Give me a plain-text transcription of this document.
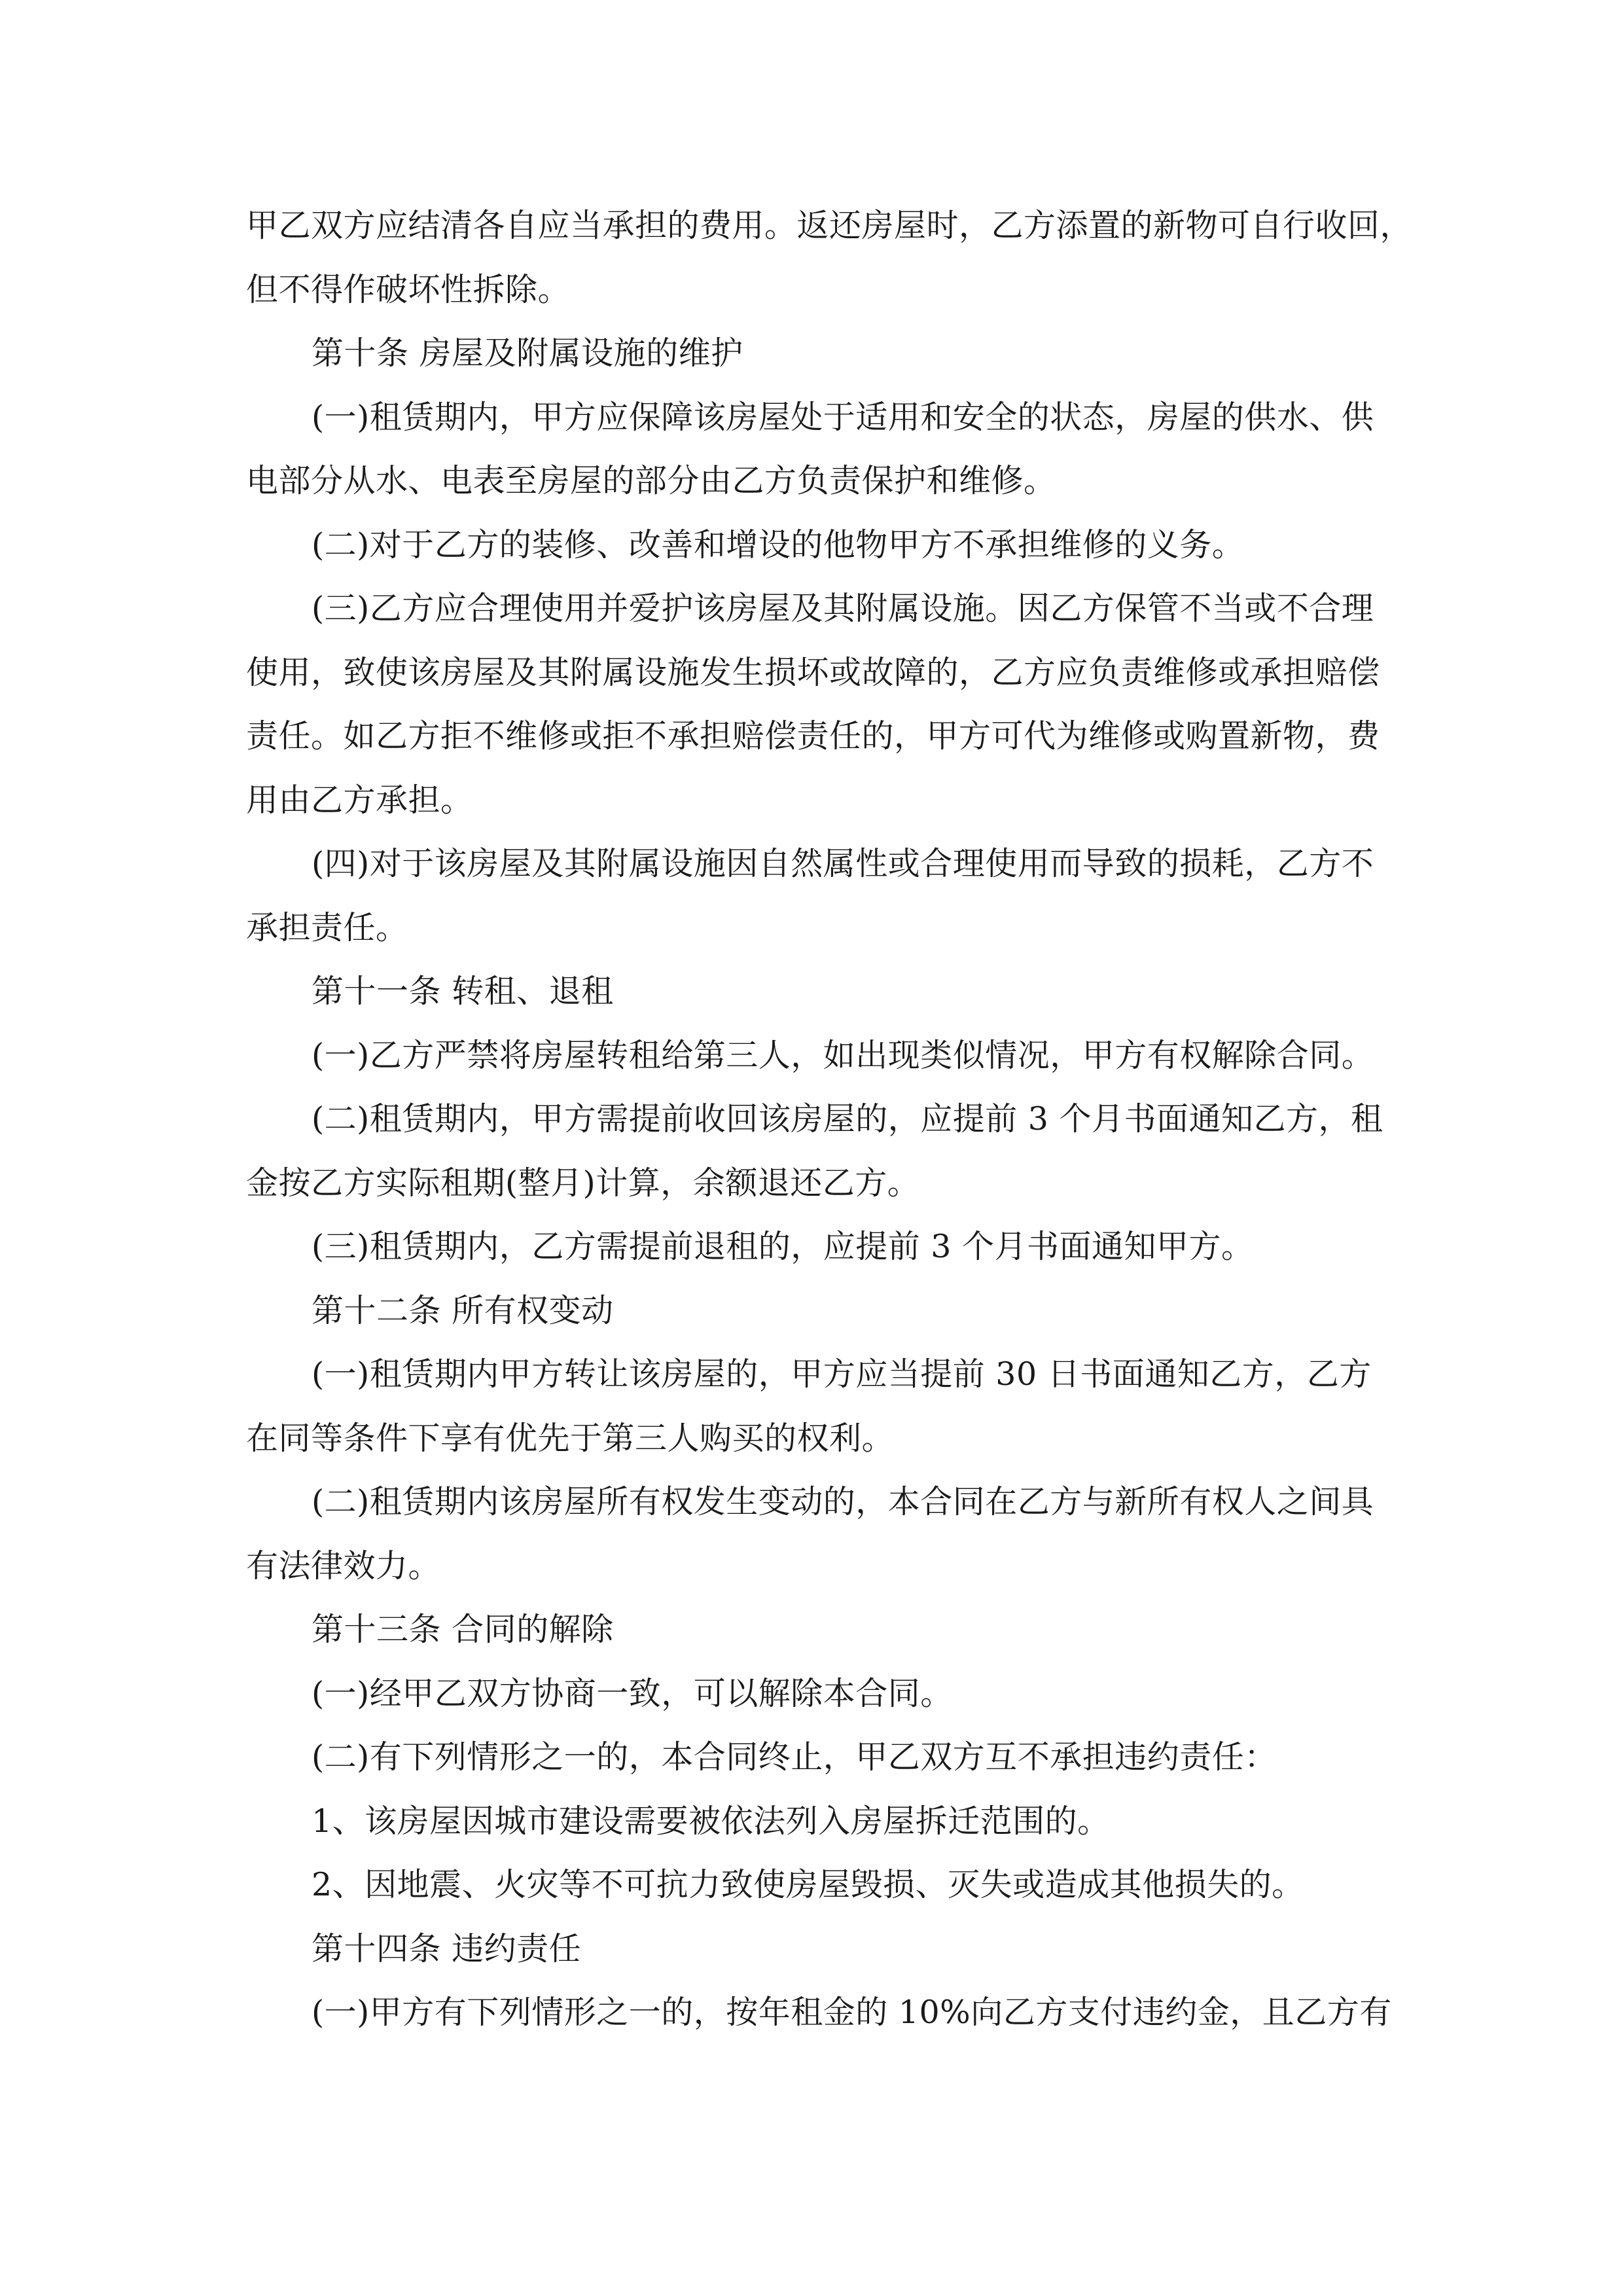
甲乙双方应结清各自应当承担的费用。返还房屋时，乙方添置的新物可自行收回，
但不得作破坏性拆除。
第十条 房屋及附属设施的维护
(一)租赁期内，甲方应保障该房屋处于适用和安全的状态，房屋的供水、供
电部分从水、电表至房屋的部分由乙方负责保护和维修。
(二)对于乙方的装修、改善和增设的他物甲方不承担维修的义务。
(三)乙方应合理使用并爱护该房屋及其附属设施。因乙方保管不当或不合理
使用，致使该房屋及其附属设施发生损坏或故障的，乙方应负责维修或承担赔偿
责任。如乙方拒不维修或拒不承担赔偿责任的，甲方可代为维修或购置新物，费
用由乙方承担。
(四)对于该房屋及其附属设施因自然属性或合理使用而导致的损耗，乙方不
承担责任。
第十一条 转租、退租
(一)乙方严禁将房屋转租给第三人，如出现类似情况，甲方有权解除合同。
(二)租赁期内，甲方需提前收回该房屋的，应提前 3 个月书面通知乙方，租
金按乙方实际租期(整月)计算，余额退还乙方。
(三)租赁期内，乙方需提前退租的，应提前 3 个月书面通知甲方。
第十二条 所有权变动
(一)租赁期内甲方转让该房屋的，甲方应当提前 30 日书面通知乙方，乙方
在同等条件下享有优先于第三人购买的权利。
(二)租赁期内该房屋所有权发生变动的，本合同在乙方与新所有权人之间具
有法律效力。
第十三条 合同的解除
(一)经甲乙双方协商一致，可以解除本合同。
(二)有下列情形之一的，本合同终止，甲乙双方互不承担违约责任：
1、该房屋因城市建设需要被依法列入房屋拆迁范围的。
2、因地震、火灾等不可抗力致使房屋毁损、灭失或造成其他损失的。
第十四条 违约责任
(一)甲方有下列情形之一的，按年租金的 10%向乙方支付违约金，且乙方有
